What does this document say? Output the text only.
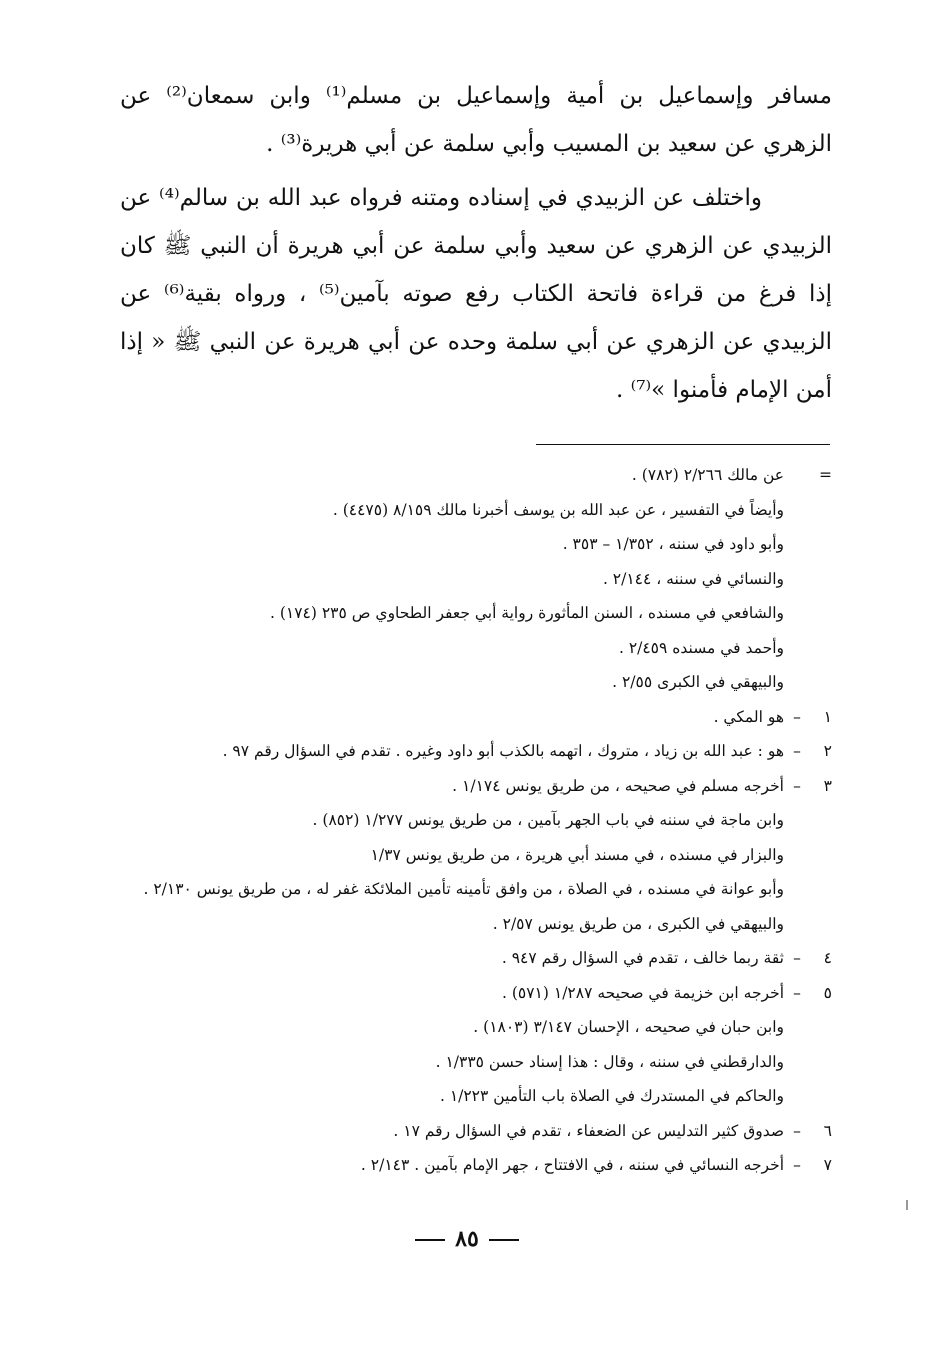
مسافر وإسماعيل بن أمية وإسماعيل بن مسلم⁽¹⁾ وابن سمعان⁽²⁾ عن الزهري عن سعيد بن المسيب وأبي سلمة عن أبي هريرة⁽³⁾ .

واختلف عن الزبيدي في إسناده ومتنه فرواه عبد الله بن سالم⁽⁴⁾ عن الزبيدي عن الزهري عن سعيد وأبي سلمة عن أبي هريرة أن النبي ﷺ كان إذا فرغ من قراءة فاتحة الكتاب رفع صوته بآمين⁽⁵⁾ ، ورواه بقية⁽⁶⁾ عن الزبيدي عن الزهري عن أبي سلمة وحده عن أبي هريرة عن النبي ﷺ « إذا أمن الإمام فأمنوا »⁽⁷⁾ .

=
عن مالك ٢/٢٦٦ (٧٨٢) .
وأيضاً في التفسير ، عن عبد الله بن يوسف أخبرنا مالك ٨/١٥٩ (٤٤٧٥) .
وأبو داود في سننه ، ١/٣٥٢ – ٣٥٣ .
والنسائي في سننه ، ٢/١٤٤ .
والشافعي في مسنده ، السنن المأثورة رواية أبي جعفر الطحاوي ص ٢٣٥ (١٧٤) .
وأحمد في مسنده ٢/٤٥٩ .
والبيهقي في الكبرى ٢/٥٥ .
١
–
هو المكي .
٢
–
هو : عبد الله بن زياد ، متروك ، اتهمه بالكذب أبو داود وغيره . تقدم في السؤال رقم ٩٧ .
٣
–
أخرجه مسلم في صحيحه ، من طريق يونس ١/١٧٤ .
وابن ماجة في سننه في باب الجهر بآمين ، من طريق يونس ١/٢٧٧ (٨٥٢) .
والبزار في مسنده ، في مسند أبي هريرة ، من طريق يونس ١/٣٧
وأبو عوانة في مسنده ، في الصلاة ، من وافق تأمينه تأمين الملائكة غفر له ، من طريق يونس ٢/١٣٠ .
والبيهقي في الكبرى ، من طريق يونس ٢/٥٧ .
٤
–
ثقة ربما خالف ، تقدم في السؤال رقم ٩٤٧ .
٥
–
أخرجه ابن خزيمة في صحيحه ١/٢٨٧ (٥٧١) .
وابن حبان في صحيحه ، الإحسان ٣/١٤٧ (١٨٠٣) .
والدارقطني في سننه ، وقال : هذا إسناد حسن ١/٣٣٥ .
والحاكم في المستدرك في الصلاة باب التأمين ١/٢٢٣ .
٦
–
صدوق كثير التدليس عن الضعفاء ، تقدم في السؤال رقم ١٧ .
٧
–
أخرجه النسائي في سننه ، في الافتتاح ، جهر الإمام بآمين . ٢/١٤٣ .
٨٥
